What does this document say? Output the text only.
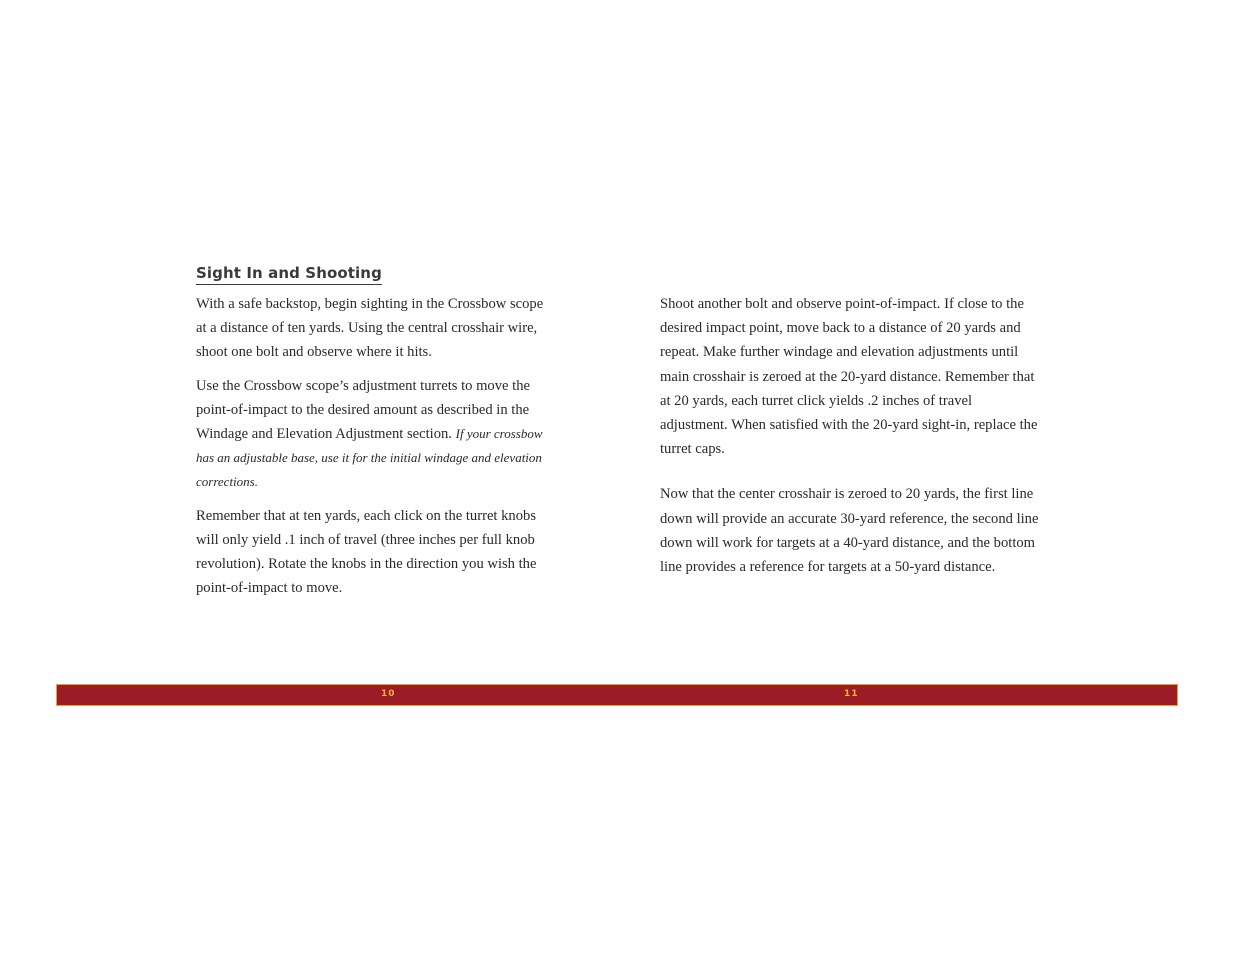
Sight In and Shooting

With a safe backstop, begin sighting in the Crossbow scope at a distance of ten yards. Using the central crosshair wire, shoot one bolt and observe where it hits.

Use the Crossbow scope’s adjustment turrets to move the point-of-impact to the desired amount as described in the Windage and Elevation Adjustment section. If your crossbow has an adjustable base, use it for the initial windage and elevation corrections.

Remember that at ten yards, each click on the turret knobs will only yield .1 inch of travel (three inches per full knob revolution). Rotate the knobs in the direction you wish the point-of-impact to move.

Shoot another bolt and observe point-of-impact. If close to the desired impact point, move back to a distance of 20 yards and repeat. Make further windage and elevation adjustments until main crosshair is zeroed at the 20-yard distance. Remember that at 20 yards, each turret click yields .2 inches of travel adjustment. When satisfied with the 20-yard sight-in, replace the turret caps.

Now that the center crosshair is zeroed to 20 yards, the first line down will provide an accurate 30-yard reference, the second line down will work for targets at a 40-yard distance, and the bottom line provides a reference for targets at a 50-yard distance.

10	11
